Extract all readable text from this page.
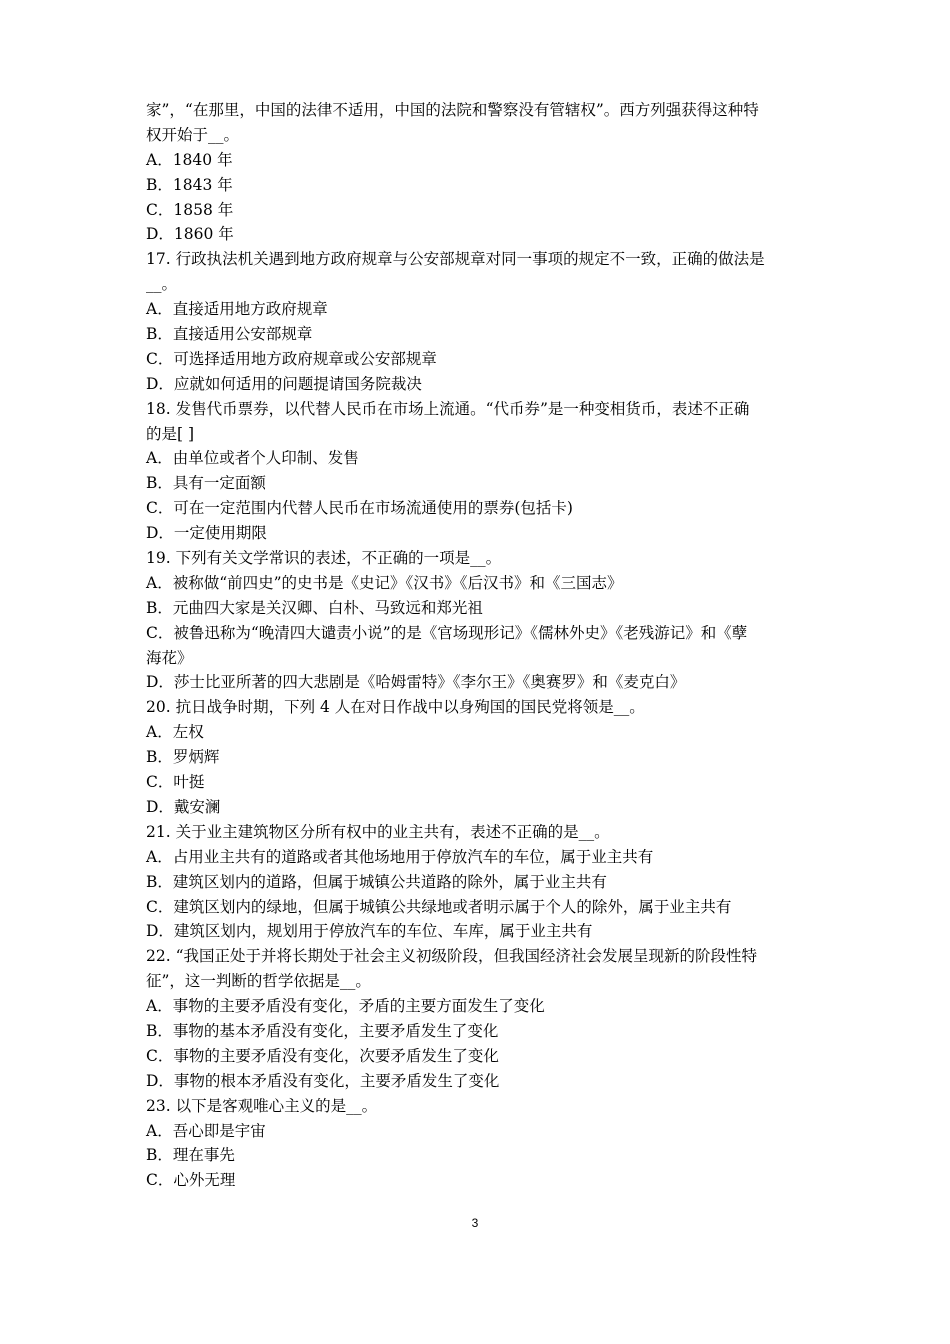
家”，“在那里，中国的法律不适用，中国的法院和警察没有管辖权”。西方列强获得这种特
权开始于__。
A．1840 年
B．1843 年
C．1858 年
D．1860 年
17. 行政执法机关遇到地方政府规章与公安部规章对同一事项的规定不一致，正确的做法是
__。
A．直接适用地方政府规章
B．直接适用公安部规章
C．可选择适用地方政府规章或公安部规章
D．应就如何适用的问题提请国务院裁决
18. 发售代币票券，以代替人民币在市场上流通。“代币券”是一种变相货币，表述不正确
的是[ ]
A．由单位或者个人印制、发售
B．具有一定面额
C．可在一定范围内代替人民币在市场流通使用的票券(包括卡)
D．一定使用期限
19. 下列有关文学常识的表述，不正确的一项是__。
A．被称做“前四史”的史书是《史记》《汉书》《后汉书》和《三国志》
B．元曲四大家是关汉卿、白朴、马致远和郑光祖
C．被鲁迅称为“晚清四大谴责小说”的是《官场现形记》《儒林外史》《老残游记》和《孽
海花》
D．莎士比亚所著的四大悲剧是《哈姆雷特》《李尔王》《奥赛罗》和《麦克白》
20. 抗日战争时期，下列 4 人在对日作战中以身殉国的国民党将领是__。
A．左权
B．罗炳辉
C．叶挺
D．戴安澜
21. 关于业主建筑物区分所有权中的业主共有，表述不正确的是__。
A．占用业主共有的道路或者其他场地用于停放汽车的车位，属于业主共有
B．建筑区划内的道路，但属于城镇公共道路的除外，属于业主共有
C．建筑区划内的绿地，但属于城镇公共绿地或者明示属于个人的除外，属于业主共有
D．建筑区划内，规划用于停放汽车的车位、车库，属于业主共有
22. “我国正处于并将长期处于社会主义初级阶段，但我国经济社会发展呈现新的阶段性特
征”，这一判断的哲学依据是__。
A．事物的主要矛盾没有变化，矛盾的主要方面发生了变化
B．事物的基本矛盾没有变化，主要矛盾发生了变化
C．事物的主要矛盾没有变化，次要矛盾发生了变化
D．事物的根本矛盾没有变化，主要矛盾发生了变化
23. 以下是客观唯心主义的是__。
A．吾心即是宇宙
B．理在事先
C．心外无理
3
